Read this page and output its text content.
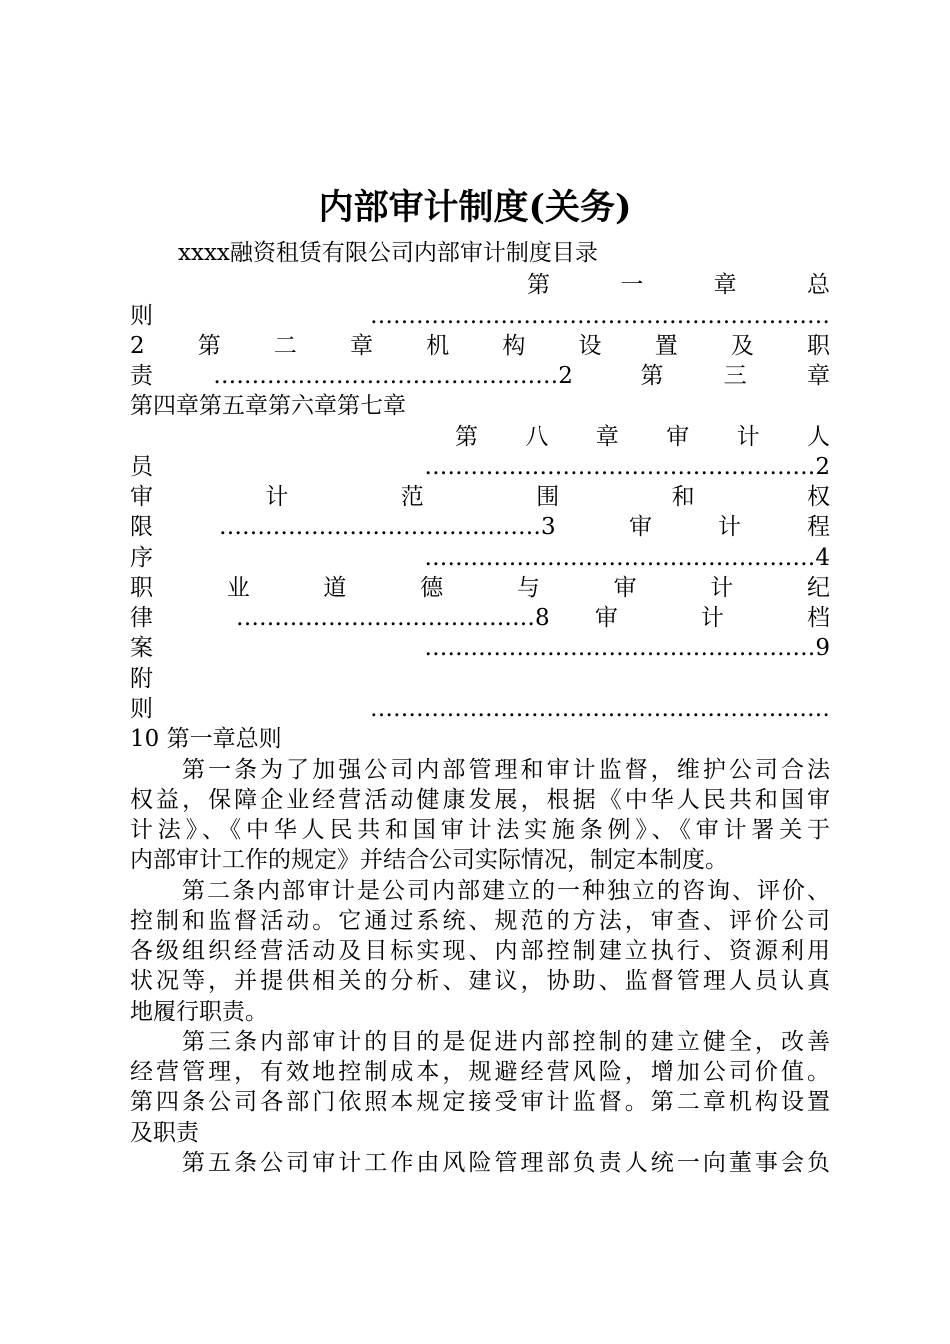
内部审计制度(关务)
xxxx融资租赁有限公司内部审计制度目录
第　　一　　章　　总
则……………………………………………………
2　第　二　章　机　构　设　置　及　职
责………………………………………2 第三章
第四章第五章第六章第七章
第　　八　　章　　审　　计　　人
员 ……………………………………………2
审　　计　　范　　围　　和　　权
限……………………………………3 审计程
序 ……………………………………………4
职　　业　　道　　德　　与　　审　　计　　纪
律 …………………………………8 审 计 档
案 ……………………………………………9
附
则……………………………………………………
10 第一章总则
第一条为了加强公司内部管理和审计监督，维护公司合法
权益，保障企业经营活动健康发展，根据《中华人民共和国审
计法》、《中华人民共和国审计法实施条例》、《审计署关于
内部审计工作的规定》并结合公司实际情况，制定本制度。
第二条内部审计是公司内部建立的一种独立的咨询、评价、
控制和监督活动。它通过系统、规范的方法，审查、评价公司
各级组织经营活动及目标实现、内部控制建立执行、资源利用
状况等，并提供相关的分析、建议，协助、监督管理人员认真
地履行职责。
第三条内部审计的目的是促进内部控制的建立健全，改善
经营管理，有效地控制成本，规避经营风险，增加公司价值。
第四条公司各部门依照本规定接受审计监督。第二章机构设置
及职责
第五条公司审计工作由风险管理部负责人统一向董事会负
